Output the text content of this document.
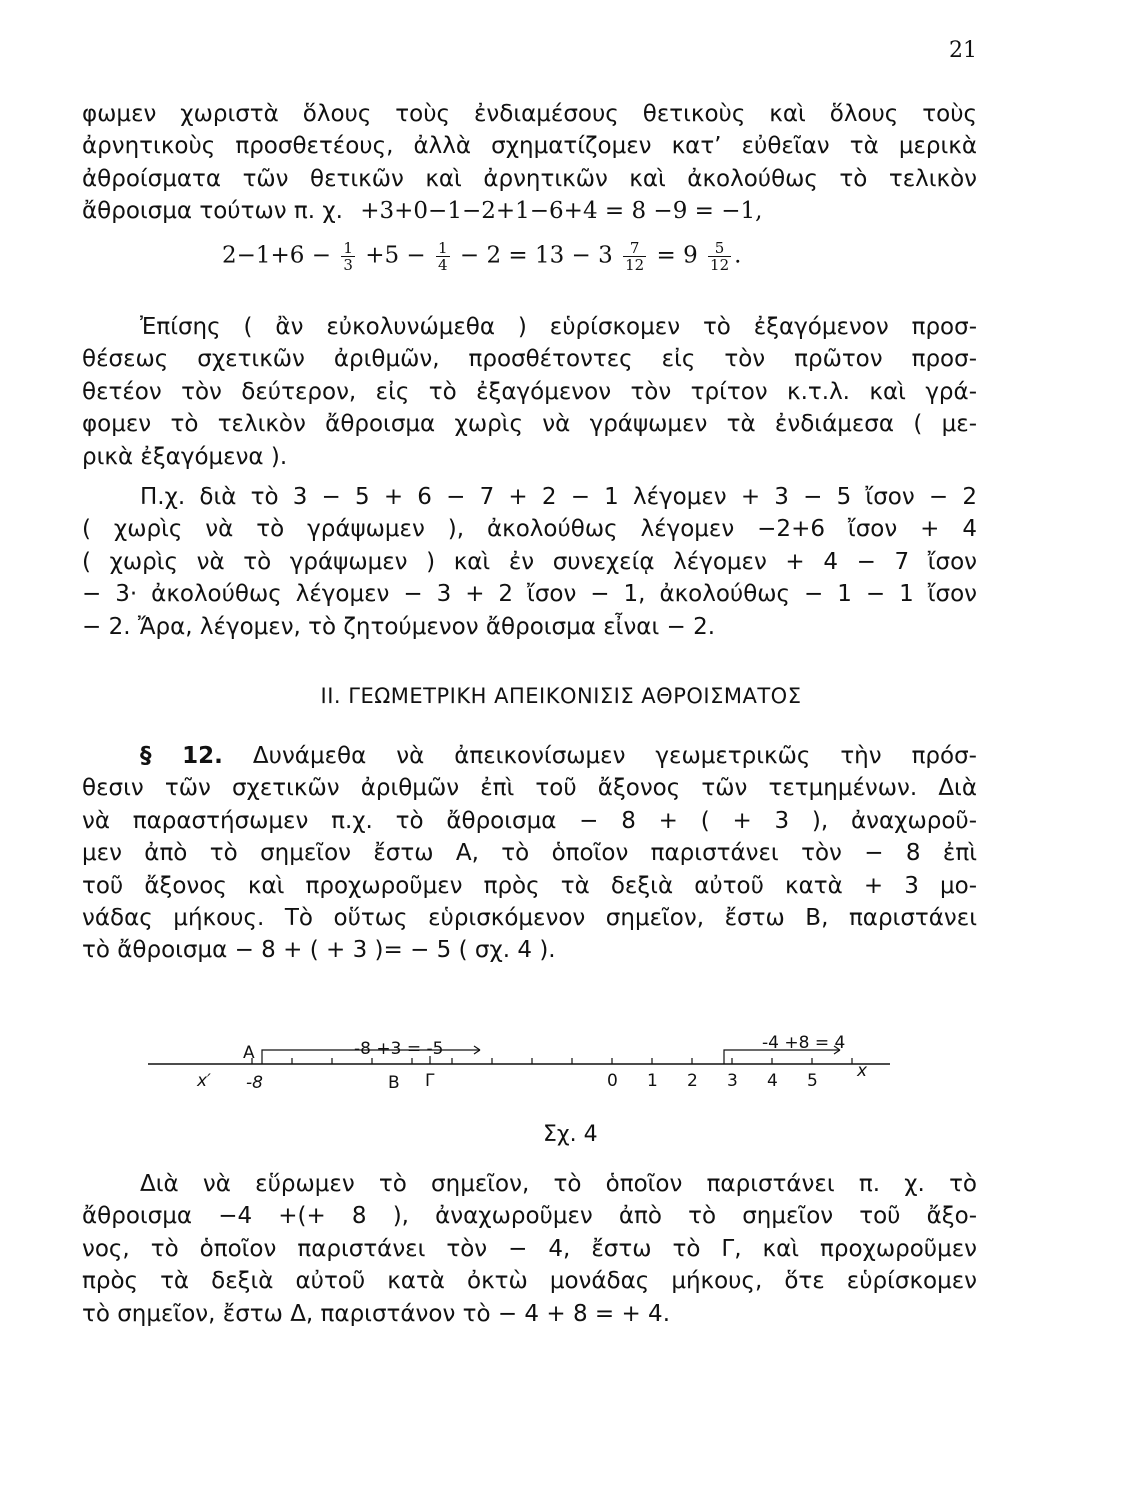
21

φωμεν χωριστὰ ὅλους τοὺς ἐνδιαμέσους θετικοὺς καὶ ὅλους τοὺς

ἀρνητικοὺς προσθετέους, ἀλλὰ σχηματίζομεν κατ’ εὐθεῖαν τὰ μερικὰ

ἀθροίσματα τῶν θετικῶν καὶ ἀρνητικῶν καὶ ἀκολούθως τὸ τελικὸν

ἄθροισμα τούτων π. χ. +3+0−1−2+1−6+4 = 8 −9 = −1,

$2-1+6 - \frac{1}{3} +5 - \frac{1}{4} - 2 = 13 - 3 \frac{7}{12} = 9 \frac{5}{12}$ .

Ἐπίσης ( ἂν εὐκολυνώμεθα ) εὑρίσκομεν τὸ ἐξαγόμενον προσ-

θέσεως σχετικῶν ἀριθμῶν, προσθέτοντες εἰς τὸν πρῶτον προσ-

θετέον τὸν δεύτερον, εἰς τὸ ἐξαγόμενον τὸν τρίτον κ.τ.λ. καὶ γρά-

φομεν τὸ τελικὸν ἄθροισμα χωρὶς νὰ γράψωμεν τὰ ἐνδιάμεσα ( με-

ρικὰ ἐξαγόμενα ).

Π.χ. διὰ τὸ 3 − 5 + 6 − 7 + 2 − 1 λέγομεν + 3 − 5 ἴσον − 2

( χωρὶς νὰ τὸ γράψωμεν ), ἀκολούθως λέγομεν −2+6 ἴσον + 4

( χωρὶς νὰ τὸ γράψωμεν ) καὶ ἐν συνεχείᾳ λέγομεν + 4 − 7 ἴσον

− 3· ἀκολούθως λέγομεν − 3 + 2 ἴσον − 1, ἀκολούθως − 1 − 1 ἴσον

− 2. Ἄρα, λέγομεν, τὸ ζητούμενον ἄθροισμα εἶναι − 2.

ΙΙ. ΓΕΩΜΕΤΡΙΚΗ ΑΠΕΙΚΟΝΙΣΙΣ ΑΘΡΟΙΣΜΑΤΟΣ

§ 12. Δυνάμεθα νὰ ἀπεικονίσωμεν γεωμετρικῶς τὴν πρόσ-

θεσιν τῶν σχετικῶν ἀριθμῶν ἐπὶ τοῦ ἄξονος τῶν τετμημένων. Διὰ

νὰ παραστήσωμεν π.χ. τὸ ἄθροισμα − 8 + ( + 3 ), ἀναχωροῦ-

μεν ἀπὸ τὸ σημεῖον ἔστω Α, τὸ ὁποῖον παριστάνει τὸν − 8 ἐπὶ

τοῦ ἄξονος καὶ προχωροῦμεν πρὸς τὰ δεξιὰ αὐτοῦ κατὰ + 3 μο-

νάδας μήκους. Τὸ οὕτως εὑρισκόμενον σημεῖον, ἔστω Β, παριστάνει

τὸ ἄθροισμα − 8 + ( + 3 )= − 5 ( σχ. 4 ).

-8 +3 = -5	-4 +8 = 4
A
x′ -8	B Γ	0 1 2 3 4 5 x
Σχ. 4

Διὰ νὰ εὕρωμεν τὸ σημεῖον, τὸ ὁποῖον παριστάνει π. χ. τὸ

ἄθροισμα −4 +(+ 8 ), ἀναχωροῦμεν ἀπὸ τὸ σημεῖον τοῦ ἄξο-

νος, τὸ ὁποῖον παριστάνει τὸν − 4, ἔστω τὸ Γ, καὶ προχωροῦμεν

πρὸς τὰ δεξιὰ αὐτοῦ κατὰ ὀκτὼ μονάδας μήκους, ὅτε εὑρίσκομεν

τὸ σημεῖον, ἔστω Δ, παριστάνον τὸ − 4 + 8 = + 4.
